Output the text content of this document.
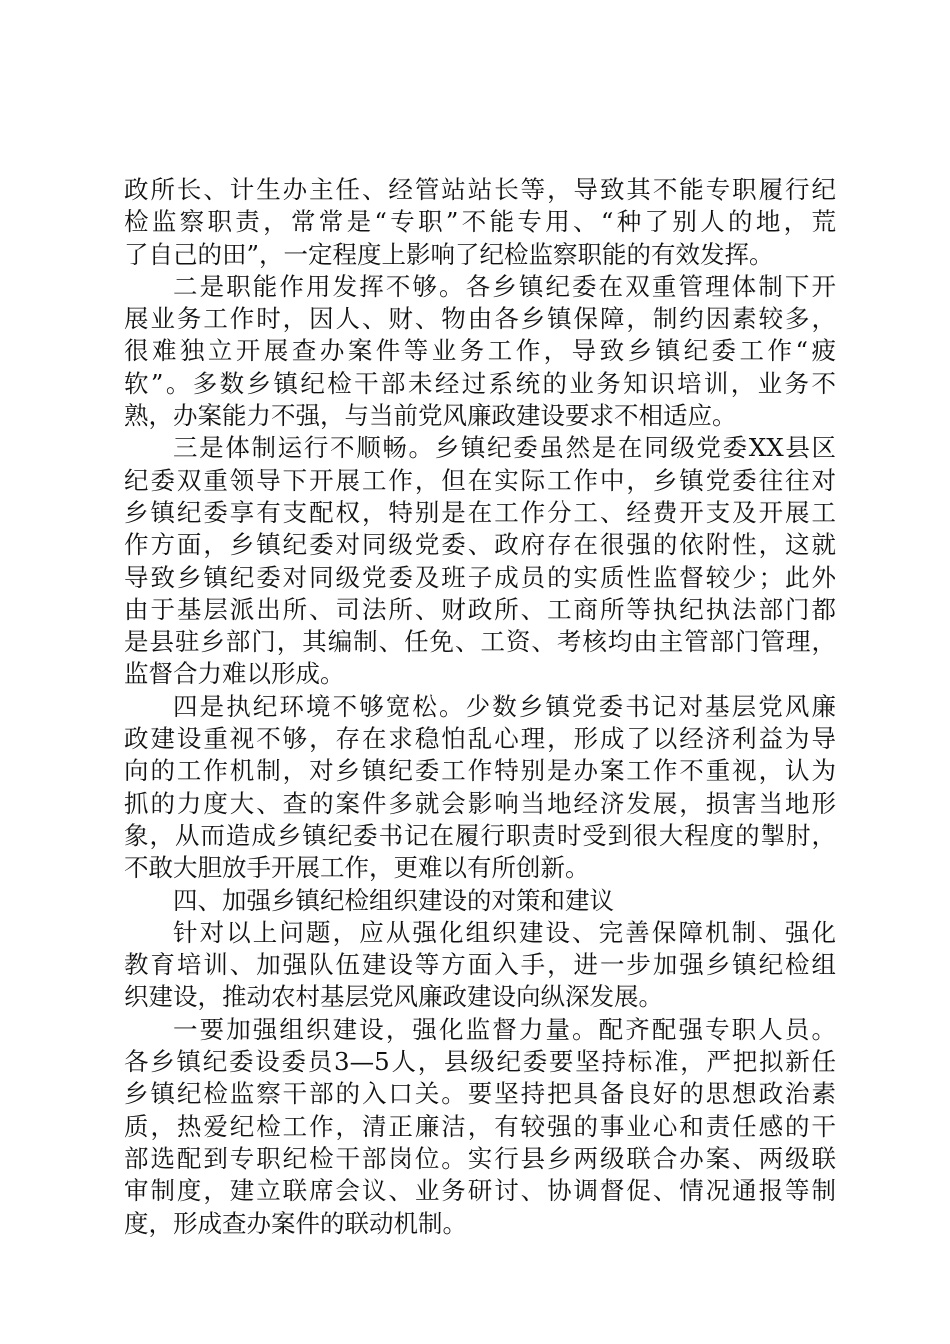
政所长、计生办主任、经管站站长等，导致其不能专职履行纪
检监察职责，常常是“专职”不能专用、“种了别人的地，荒
了自己的田”，一定程度上影响了纪检监察职能的有效发挥。
二是职能作用发挥不够。各乡镇纪委在双重管理体制下开
展业务工作时，因人、财、物由各乡镇保障，制约因素较多，
很难独立开展查办案件等业务工作，导致乡镇纪委工作“疲
软”。多数乡镇纪检干部未经过系统的业务知识培训，业务不
熟，办案能力不强，与当前党风廉政建设要求不相适应。
三是体制运行不顺畅。乡镇纪委虽然是在同级党委XX县区
纪委双重领导下开展工作，但在实际工作中，乡镇党委往往对
乡镇纪委享有支配权，特别是在工作分工、经费开支及开展工
作方面，乡镇纪委对同级党委、政府存在很强的依附性，这就
导致乡镇纪委对同级党委及班子成员的实质性监督较少；此外
由于基层派出所、司法所、财政所、工商所等执纪执法部门都
是县驻乡部门，其编制、任免、工资、考核均由主管部门管理，
监督合力难以形成。
四是执纪环境不够宽松。少数乡镇党委书记对基层党风廉
政建设重视不够，存在求稳怕乱心理，形成了以经济利益为导
向的工作机制，对乡镇纪委工作特别是办案工作不重视，认为
抓的力度大、查的案件多就会影响当地经济发展，损害当地形
象，从而造成乡镇纪委书记在履行职责时受到很大程度的掣肘，
不敢大胆放手开展工作，更难以有所创新。
四、加强乡镇纪检组织建设的对策和建议
针对以上问题，应从强化组织建设、完善保障机制、强化
教育培训、加强队伍建设等方面入手，进一步加强乡镇纪检组
织建设，推动农村基层党风廉政建设向纵深发展。
一要加强组织建设，强化监督力量。配齐配强专职人员。
各乡镇纪委设委员3—5人，县级纪委要坚持标准，严把拟新任
乡镇纪检监察干部的入口关。要坚持把具备良好的思想政治素
质，热爱纪检工作，清正廉洁，有较强的事业心和责任感的干
部选配到专职纪检干部岗位。实行县乡两级联合办案、两级联
审制度，建立联席会议、业务研讨、协调督促、情况通报等制
度，形成查办案件的联动机制。
